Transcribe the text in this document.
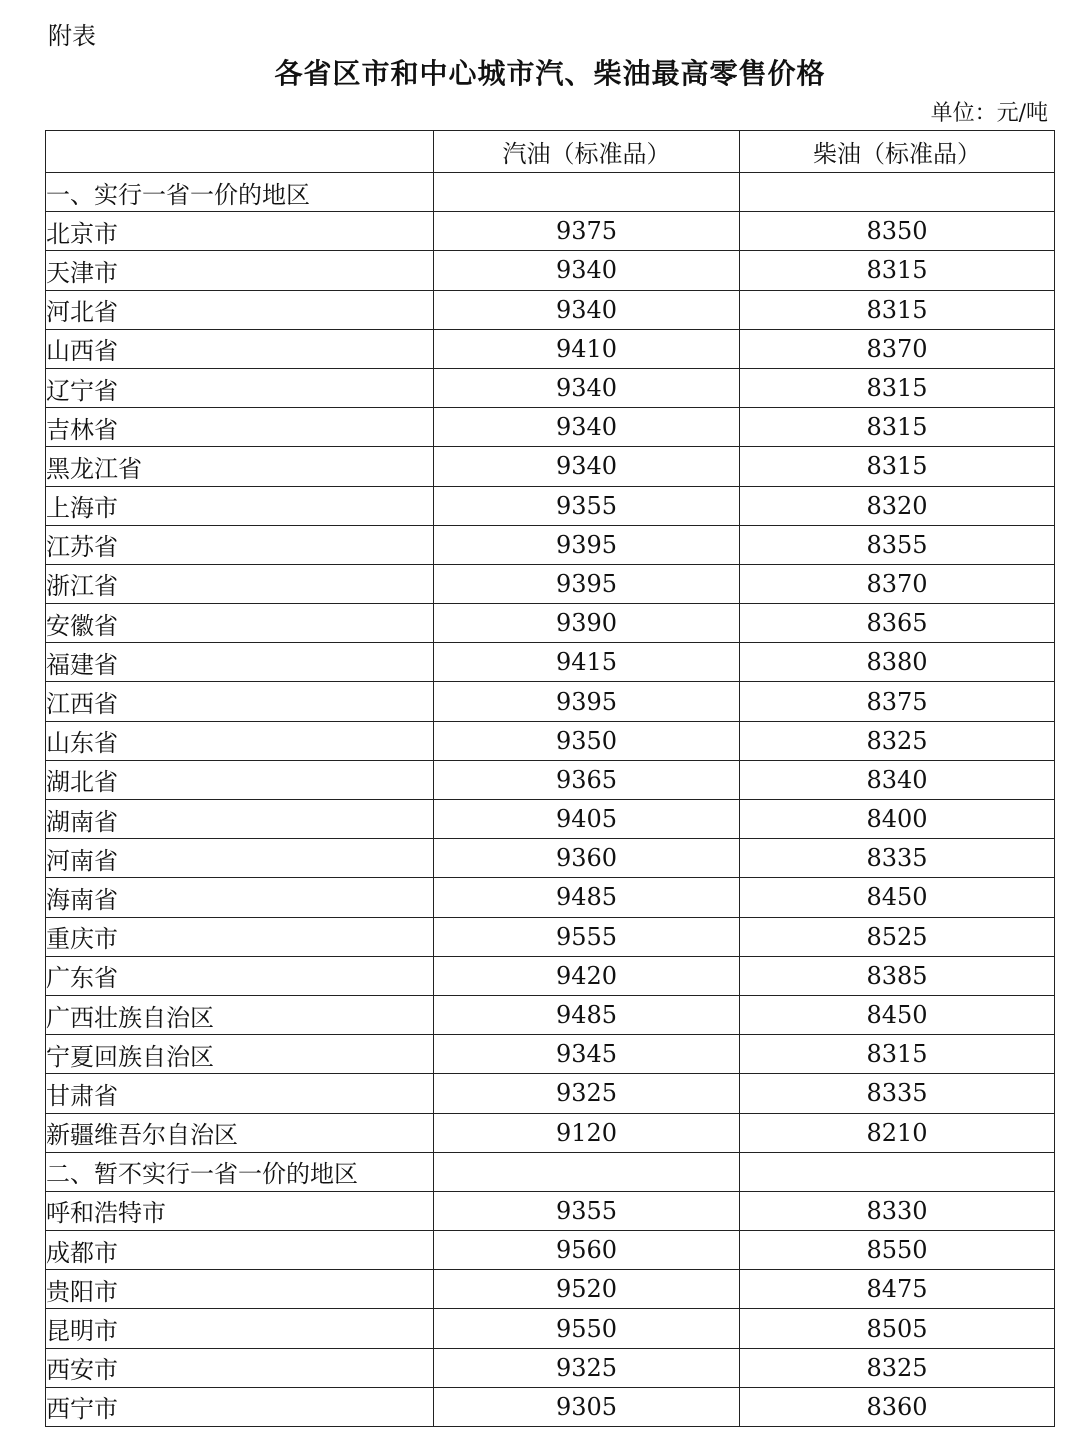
附表
各省区市和中心城市汽、柴油最高零售价格
单位：元/吨
	汽油（标准品）	柴油（标准品）
一、实行一省一价的地区		
北京市	9375	8350
天津市	9340	8315
河北省	9340	8315
山西省	9410	8370
辽宁省	9340	8315
吉林省	9340	8315
黑龙江省	9340	8315
上海市	9355	8320
江苏省	9395	8355
浙江省	9395	8370
安徽省	9390	8365
福建省	9415	8380
江西省	9395	8375
山东省	9350	8325
湖北省	9365	8340
湖南省	9405	8400
河南省	9360	8335
海南省	9485	8450
重庆市	9555	8525
广东省	9420	8385
广西壮族自治区	9485	8450
宁夏回族自治区	9345	8315
甘肃省	9325	8335
新疆维吾尔自治区	9120	8210
二、暂不实行一省一价的地区		
呼和浩特市	9355	8330
成都市	9560	8550
贵阳市	9520	8475
昆明市	9550	8505
西安市	9325	8325
西宁市	9305	8360
